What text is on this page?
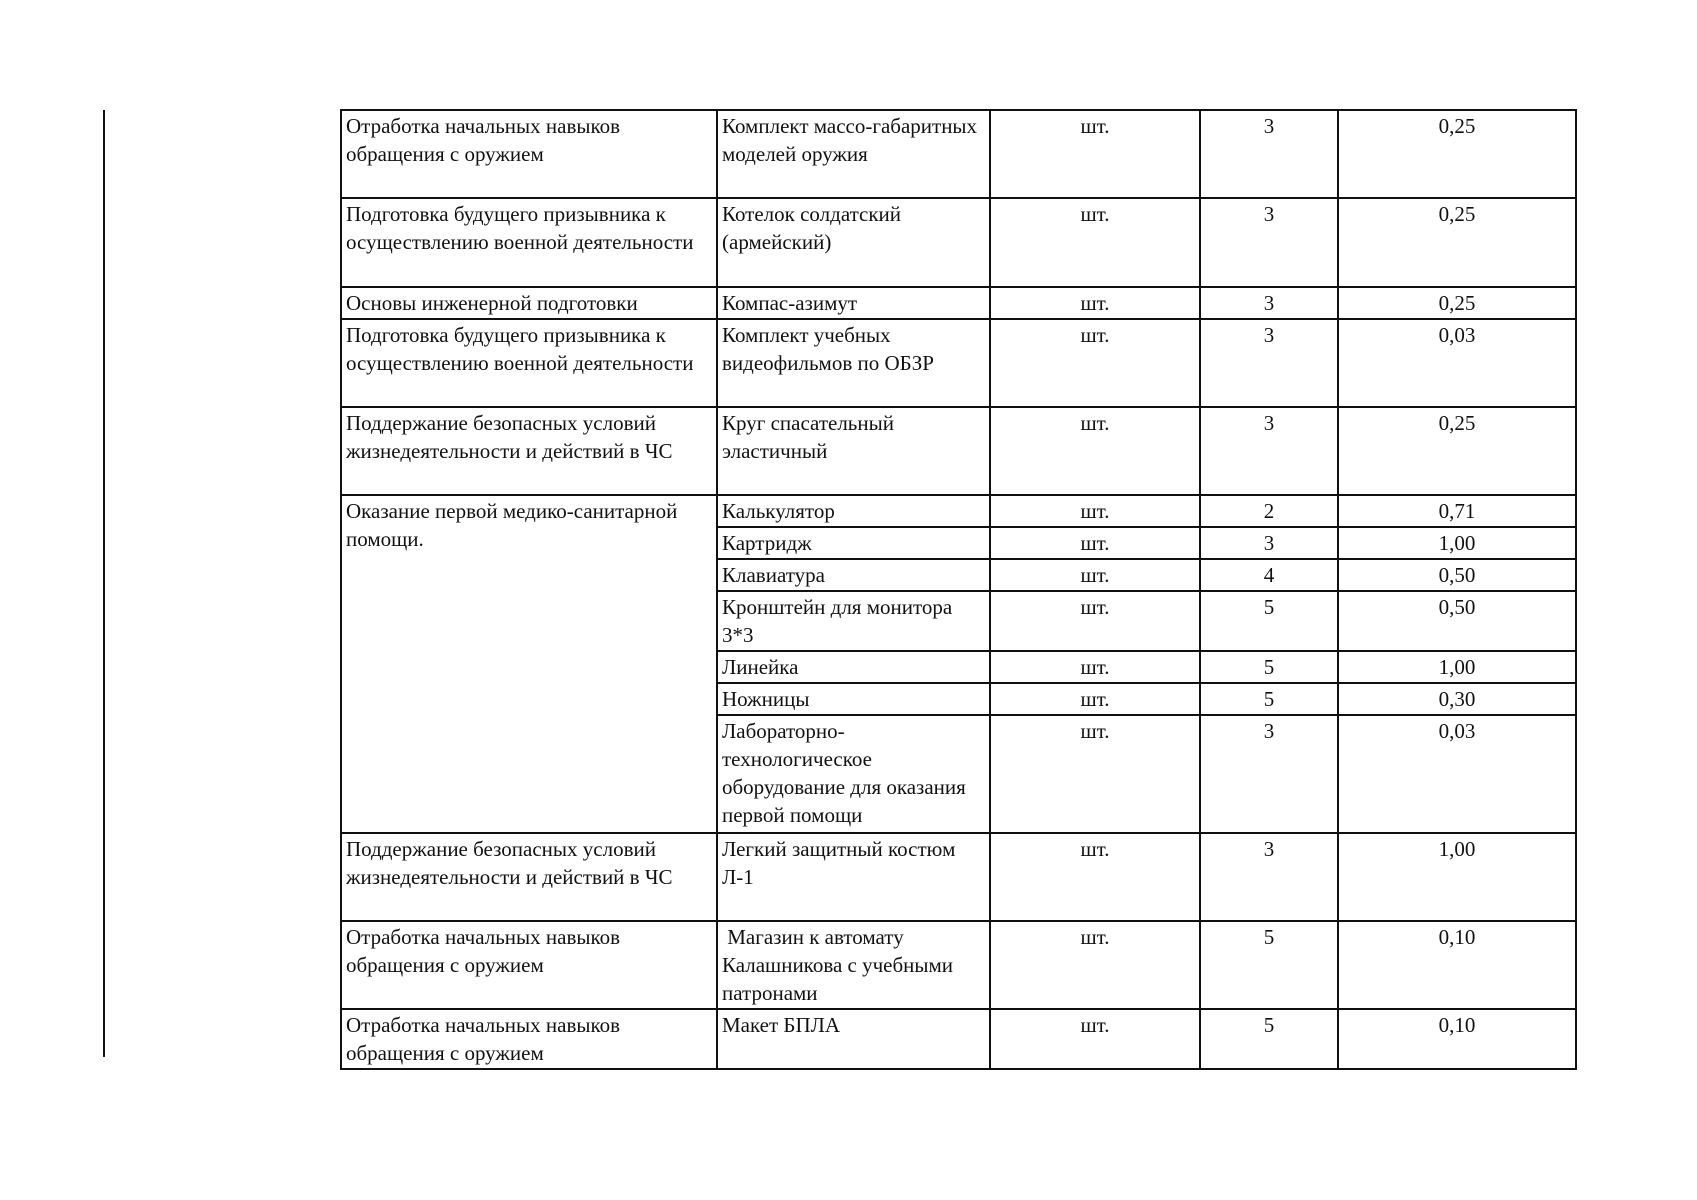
Отработка начальных навыков обращения с оружием	Комплект массо-габаритных моделей оружия	шт.	3	0,25
Подготовка будущего призывника к осуществлению военной деятельности	Котелок солдатский (армейский)	шт.	3	0,25
Основы инженерной подготовки	Компас-азимут	шт.	3	0,25
Подготовка будущего призывника к осуществлению военной деятельности	Комплект учебных видеофильмов по ОБЗР	шт.	3	0,03
Поддержание безопасных условий жизнедеятельности и действий в ЧС	Круг спасательный эластичный	шт.	3	0,25
Оказание первой медико-санитарной помощи.	Калькулятор	шт.	2	0,71
	Картридж	шт.	3	1,00
	Клавиатура	шт.	4	0,50
	Кронштейн для монитора 3*3	шт.	5	0,50
	Линейка	шт.	5	1,00
	Ножницы	шт.	5	0,30
	Лабораторно-технологическое оборудование для оказания первой помощи	шт.	3	0,03
Поддержание безопасных условий жизнедеятельности и действий в ЧС	Легкий защитный костюм Л-1	шт.	3	1,00
Отработка начальных навыков обращения с оружием	Магазин к автомату Калашникова с учебными патронами	шт.	5	0,10
Отработка начальных навыков обращения с оружием	Макет БПЛА	шт.	5	0,10
